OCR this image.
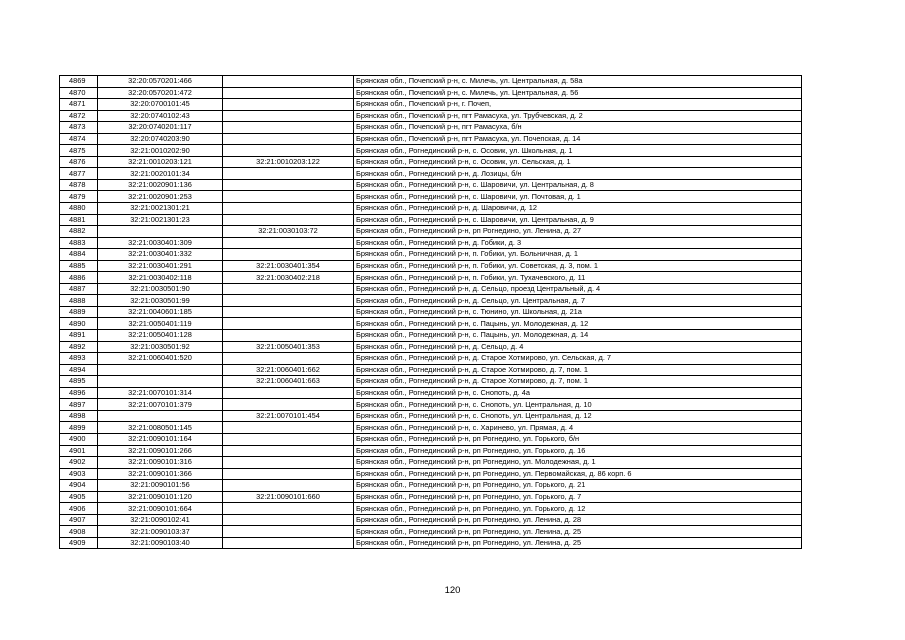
4869	32:20:0570201:466		Брянская обл., Почепский р-н, с. Милечь, ул. Центральная, д. 58а
4870	32:20:0570201:472		Брянская обл., Почепский р-н, с. Милечь, ул. Центральная, д. 56
4871	32:20:0700101:45		Брянская обл., Почепский р-н, г. Почеп,
4872	32:20:0740102:43		Брянская обл., Почепский р-н, пгт Рамасуха, ул. Трубчевская, д. 2
4873	32:20:0740201:117		Брянская обл., Почепский р-н, пгт Рамасуха, б/н
4874	32:20:0740203:90		Брянская обл., Почепский р-н, пгт Рамасуха, ул. Почепская, д. 14
4875	32:21:0010202:90		Брянская обл., Рогнединский р-н, с. Осовик, ул. Школьная, д. 1
4876	32:21:0010203:121	32:21:0010203:122	Брянская обл., Рогнединский р-н, с. Осовик, ул. Сельская, д. 1
4877	32:21:0020101:34		Брянская обл., Рогнединский р-н, д. Лозицы, б/н
4878	32:21:0020901:136		Брянская обл., Рогнединский р-н, с. Шаровичи, ул. Центральная, д. 8
4879	32:21:0020901:253		Брянская обл., Рогнединский р-н, с. Шаровичи, ул. Почтовая, д. 1
4880	32:21:0021301:21		Брянская обл., Рогнединский р-н, д. Шаровичи, д. 12
4881	32:21:0021301:23		Брянская обл., Рогнединский р-н, с. Шаровичи, ул. Центральная, д. 9
4882		32:21:0030103:72	Брянская обл., Рогнединский р-н, рп Рогнедино, ул. Ленина, д. 27
4883	32:21:0030401:309		Брянская обл., Рогнединский р-н, д. Гобики, д. 3
4884	32:21:0030401:332		Брянская обл., Рогнединский р-н, п. Гобики, ул. Больничная, д. 1
4885	32:21:0030401:291	32:21:0030401:354	Брянская обл., Рогнединский р-н, п. Гобики, ул. Советская, д. 3, пом. 1
4886	32:21:0030402:118	32:21:0030402:218	Брянская обл., Рогнединский р-н, п. Гобики, ул. Тухачевского, д. 11
4887	32:21:0030501:90		Брянская обл., Рогнединский р-н, д. Сельцо, проезд Центральный, д. 4
4888	32:21:0030501:99		Брянская обл., Рогнединский р-н, д. Сельцо, ул. Центральная, д. 7
4889	32:21:0040601:185		Брянская обл., Рогнединский р-н, с. Тюнино, ул. Школьная, д. 21а
4890	32:21:0050401:119		Брянская обл., Рогнединский р-н, с. Пацынь, ул. Молодежная, д. 12
4891	32:21:0050401:128		Брянская обл., Рогнединский р-н, с. Пацынь, ул. Молодежная, д. 14
4892	32:21:0030501:92	32:21:0050401:353	Брянская обл., Рогнединский р-н, д. Сельцо, д. 4
4893	32:21:0060401:520		Брянская обл., Рогнединский р-н, д. Старое Хотмирово, ул. Сельская, д. 7
4894		32:21:0060401:662	Брянская обл., Рогнединский р-н, д. Старое Хотмирово, д. 7, пом. 1
4895		32:21:0060401:663	Брянская обл., Рогнединский р-н, д. Старое Хотмирово, д. 7, пом. 1
4896	32:21:0070101:314		Брянская обл., Рогнединский р-н, с. Снопоть, д. 4а
4897	32:21:0070101:379		Брянская обл., Рогнединский р-н, с. Снопоть, ул. Центральная, д. 10
4898		32:21:0070101:454	Брянская обл., Рогнединский р-н, с. Снопоть, ул. Центральная, д. 12
4899	32:21:0080501:145		Брянская обл., Рогнединский р-н, с. Харинево, ул. Прямая, д. 4
4900	32:21:0090101:164		Брянская обл., Рогнединский р-н, рп Рогнедино, ул. Горького, б/н
4901	32:21:0090101:266		Брянская обл., Рогнединский р-н, рп Рогнедино, ул. Горького, д. 16
4902	32:21:0090101:316		Брянская обл., Рогнединский р-н, рп Рогнедино, ул. Молодежная, д. 1
4903	32:21:0090101:366		Брянская обл., Рогнединский р-н, рп Рогнедино, ул. Первомайская, д. 86 корп. 6
4904	32:21:0090101:56		Брянская обл., Рогнединский р-н, рп Рогнедино, ул. Горького, д. 21
4905	32:21:0090101:120	32:21:0090101:660	Брянская обл., Рогнединский р-н, рп Рогнедино, ул. Горького, д. 7
4906	32:21:0090101:664		Брянская обл., Рогнединский р-н, рп Рогнедино, ул. Горького, д. 12
4907	32:21:0090102:41		Брянская обл., Рогнединский р-н, рп Рогнедино, ул. Ленина, д. 28
4908	32:21:0090103:37		Брянская обл., Рогнединский р-н, рп Рогнедино, ул. Ленина, д. 25
4909	32:21:0090103:40		Брянская обл., Рогнединский р-н, рп Рогнедино, ул. Ленина, д. 25
120
